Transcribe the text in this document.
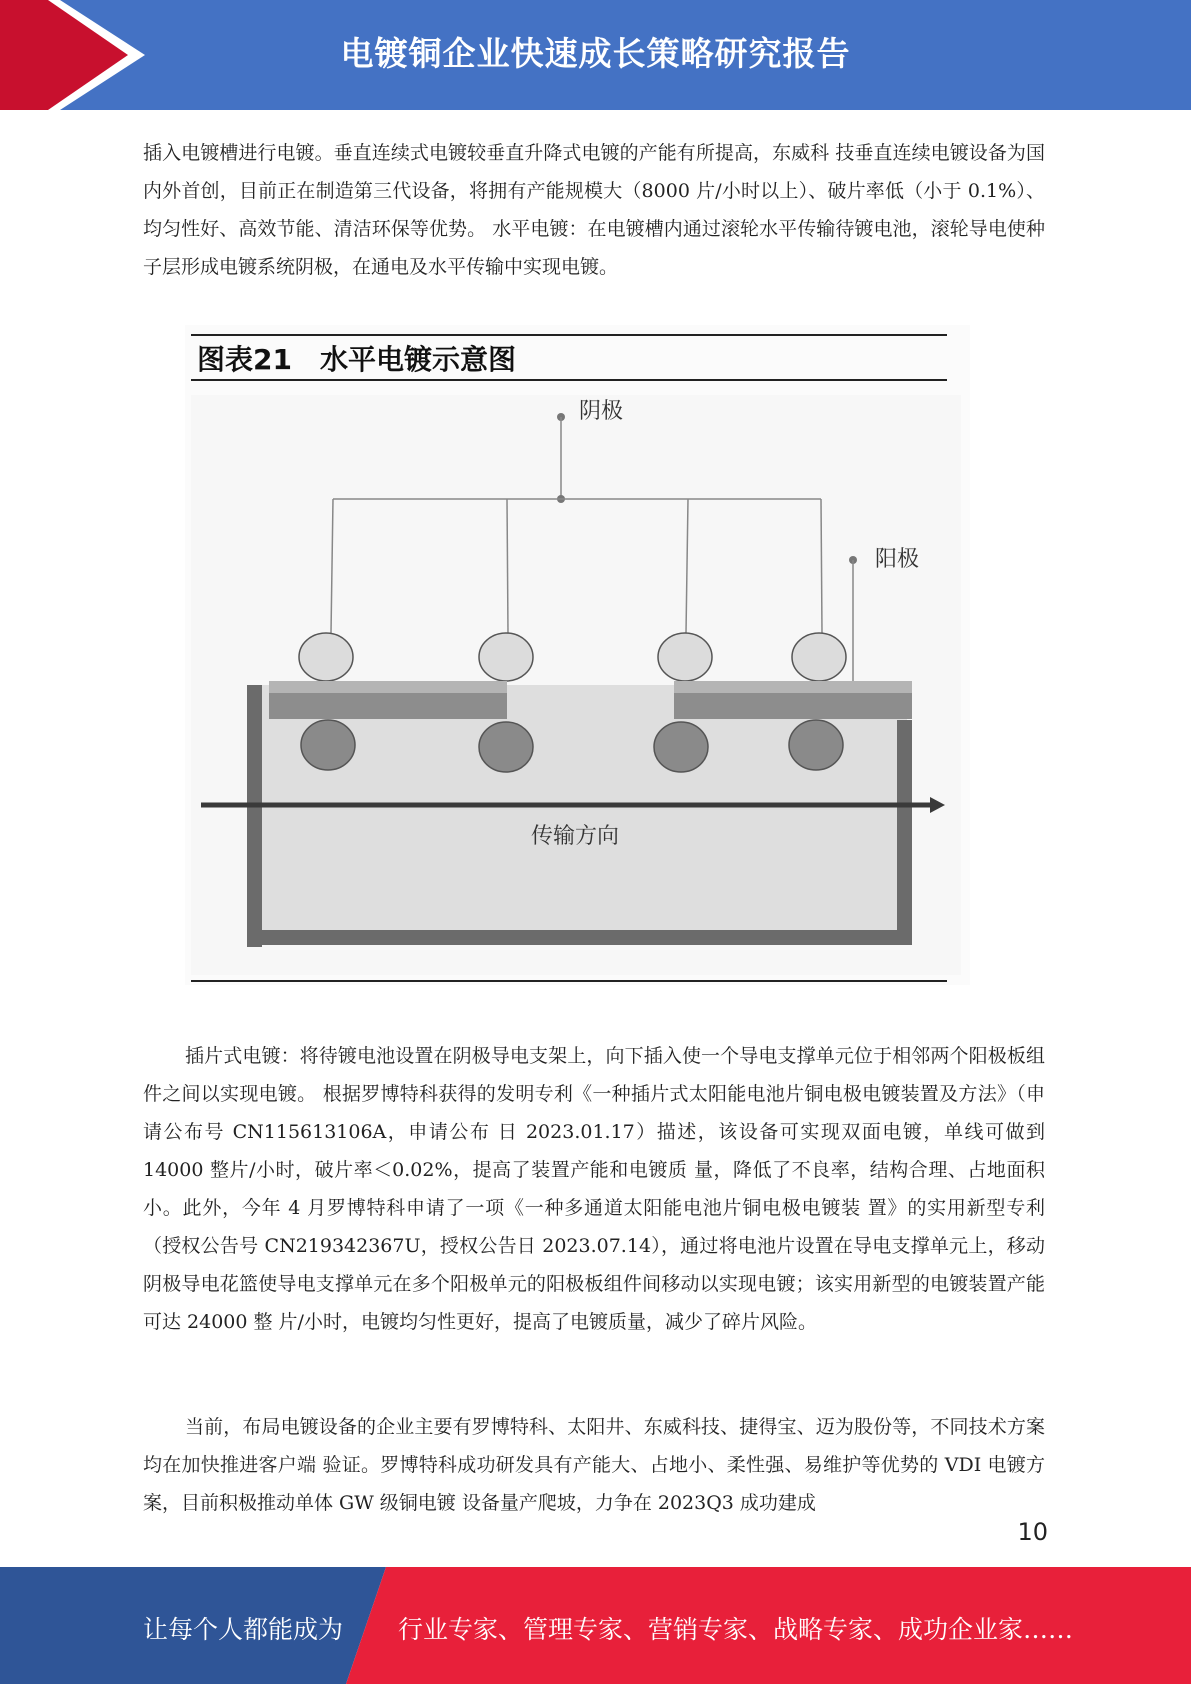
电镀铜企业快速成长策略研究报告

插入电镀槽进行电镀。垂直连续式电镀较垂直升降式电镀的产能有所提高，东威科 技垂直连续电镀设备为国内外首创，目前正在制造第三代设备，将拥有产能规模大（8000 片/小时以上）、破片率低（小于 0.1%）、均匀性好、高效节能、清洁环保等优势。 水平电镀：在电镀槽内通过滚轮水平传输待镀电池，滚轮导电使种子层形成电镀系统阴极，在通电及水平传输中实现电镀。

图表21　水平电镀示意图
阴极
阳极
传输方向

插片式电镀：将待镀电池设置在阴极导电支架上，向下插入使一个导电支撑单元位于相邻两个阳极板组件之间以实现电镀。 根据罗博特科获得的发明专利《一种插片式太阳能电池片铜电极电镀装置及方法》（申请公布号 CN115613106A，申请公布 日 2023.01.17）描述，该设备可实现双面电镀，单线可做到 14000 整片/小时，破片率＜0.02%，提高了装置产能和电镀质 量，降低了不良率，结构合理、占地面积小。此外，今年 4 月罗博特科申请了一项《一种多通道太阳能电池片铜电极电镀装 置》的实用新型专利（授权公告号 CN219342367U，授权公告日 2023.07.14），通过将电池片设置在导电支撑单元上，移动 阴极导电花篮使导电支撑单元在多个阳极单元的阳极板组件间移动以实现电镀；该实用新型的电镀装置产能可达 24000 整 片/小时，电镀均匀性更好，提高了电镀质量，减少了碎片风险。

当前，布局电镀设备的企业主要有罗博特科、太阳井、东威科技、捷得宝、迈为股份等，不同技术方案均在加快推进客户端 验证。罗博特科成功研发具有产能大、占地小、柔性强、易维护等优势的 VDI 电镀方案，目前积极推动单体 GW 级铜电镀 设备量产爬坡，力争在 2023Q3 成功建成

10
让每个人都能成为 行业专家、管理专家、营销专家、战略专家、成功企业家……
